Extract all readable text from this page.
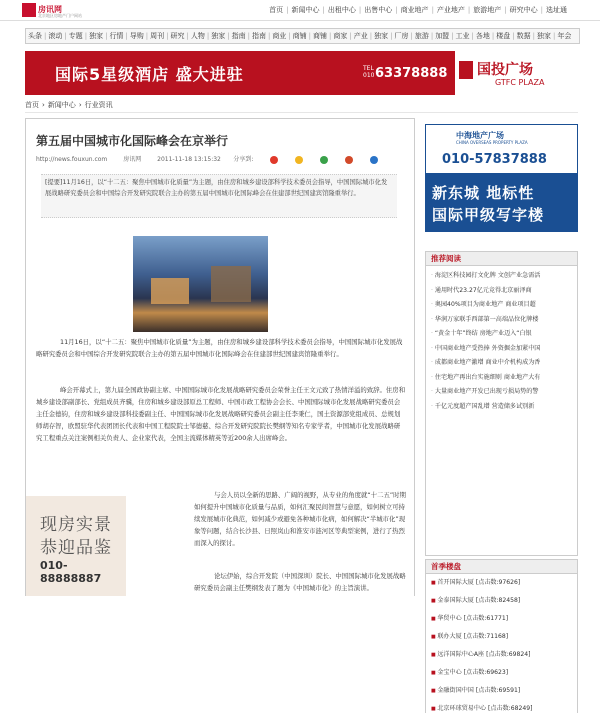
房讯网
北京地区房地产门户网站
首页 | 新闻中心 | 出租中心 | 出售中心 | 商业地产 | 产业地产 | 旅游地产 | 研究中心 | 选址通
头条 | 滚动 | 专题 | 独家 | 行情 | 导购 | 周刊 | 研究 | 人物 | 独家 | 指南 | 指南 | 商业 | 商铺 | 商铺 | 商家 | 产业 | 独家 | 厂房 | 旅游 | 加盟 | 工业 | 各地 | 楼盘 | 数据 | 独家 | 年会
国际5星级酒店 盛大进驻	TEL 010 63378888 国投广场
GTFC PLAZA
首页 › 新闻中心 › 行业资讯
第五届中国城市化国际峰会在京举行
http://news.fouxun.com	房讯网	2011-11-18 13:15:32 分享到:
[提要]11月16日，以“十二五：聚焦中国城市化质量”为主题，由住房和城乡建设部科学技术委员会指导，中国国际城市化发展战略研究委员会和中国综合开发研究院联合主办的第五届中国城市化国际峰会在住建部世纪国建宾馆隆重举行。
11月16日，以“十二五：聚焦中国城市化质量”为主题，由住房和城乡建设部科学技术委员会指导，中国国际城市化发展战略研究委员会和中国综合开发研究院联合主办的第五届中国城市化国际峰会在住建部世纪国建宾馆隆重举行。
峰会开幕式上，第九届全国政协副主席、中国国际城市化发展战略研究委员会荣誉主任王文元致了热情洋溢的致辞。住房和城乡建设部副部长、党组成员齐骥，住房和城乡建设部原总工程师、中国市政工程协会会长、中国国际城市化发展战略研究委员会主任金德钧，住房和城乡建设部科技委副主任、中国国际城市化发展战略研究委员会副主任李秉仁，国土资源部党组成员、总规划师胡存智，欧盟驻华代表团团长代表和中国工程院院士邹德慈、综合开发研究院院长樊纲等知名专家学者，中国城市化发展战略研究工程重点关注案例相关负责人、企业家代表，全国主流媒体精英等近200余人出席峰会。
与会人员以全新的思路、广阔的视野，从专业的角度就“十二五”时期如何提升中国城市化质量与品质，如何汇聚民间智慧与意愿，如何树立可持续发展城市化典范，如何减少或避免各种城市化病，如何解决“半城市化”现象等问题，结合长沙县、日照岚山和淮安市涟河区等典型案例，进行了热烈而深入的探讨。
论坛伊始，综合开发院（中国深圳）院长、中国国际城市化发展战略研究委员会副主任樊纲发表了题为《中国城市化》的主旨演讲。
现房实景
恭迎品鉴
010-88888887
中海地产广场
CHINA OVERSEAS PROPERTY PLAZA
010-57837888
新东城 地标性
国际甲级写字楼
推荐阅读
· 海淀区科技园打文化牌 文创产业急需活
· 通用时代23.27亿元竞得北京丽泽商
· 奥园40%项目为商业地产 商业项目超
· 华润万家联手西部第一高端品位化牌楼
· “黄金十年”终结 房地产业迈入“白银
· 中国商业地产受热捧 外资掘金加紧中国
· 成都商业地产激增 商业中介机构成为香
· 住宅地产再出台实施细则 商业地产大有
· 大量商业地产开发已出现亏损局势的警
· 千亿元度超产国乱增 营造储多试别新
首季楼盘
■ 首开国际大厦 [点击数:97626]
■ 金泰国际大厦 [点击数:82458]
■ 华贸中心 [点击数:61771]
■ 联办大厦 [点击数:71168]
■ 远洋国际中心A座 [点击数:69824]
■ 金宝中心 [点击数:69623]
■ 金融街国中国 [点击数:69591]
■ 北京环球贸易中心 [点击数:68249]
